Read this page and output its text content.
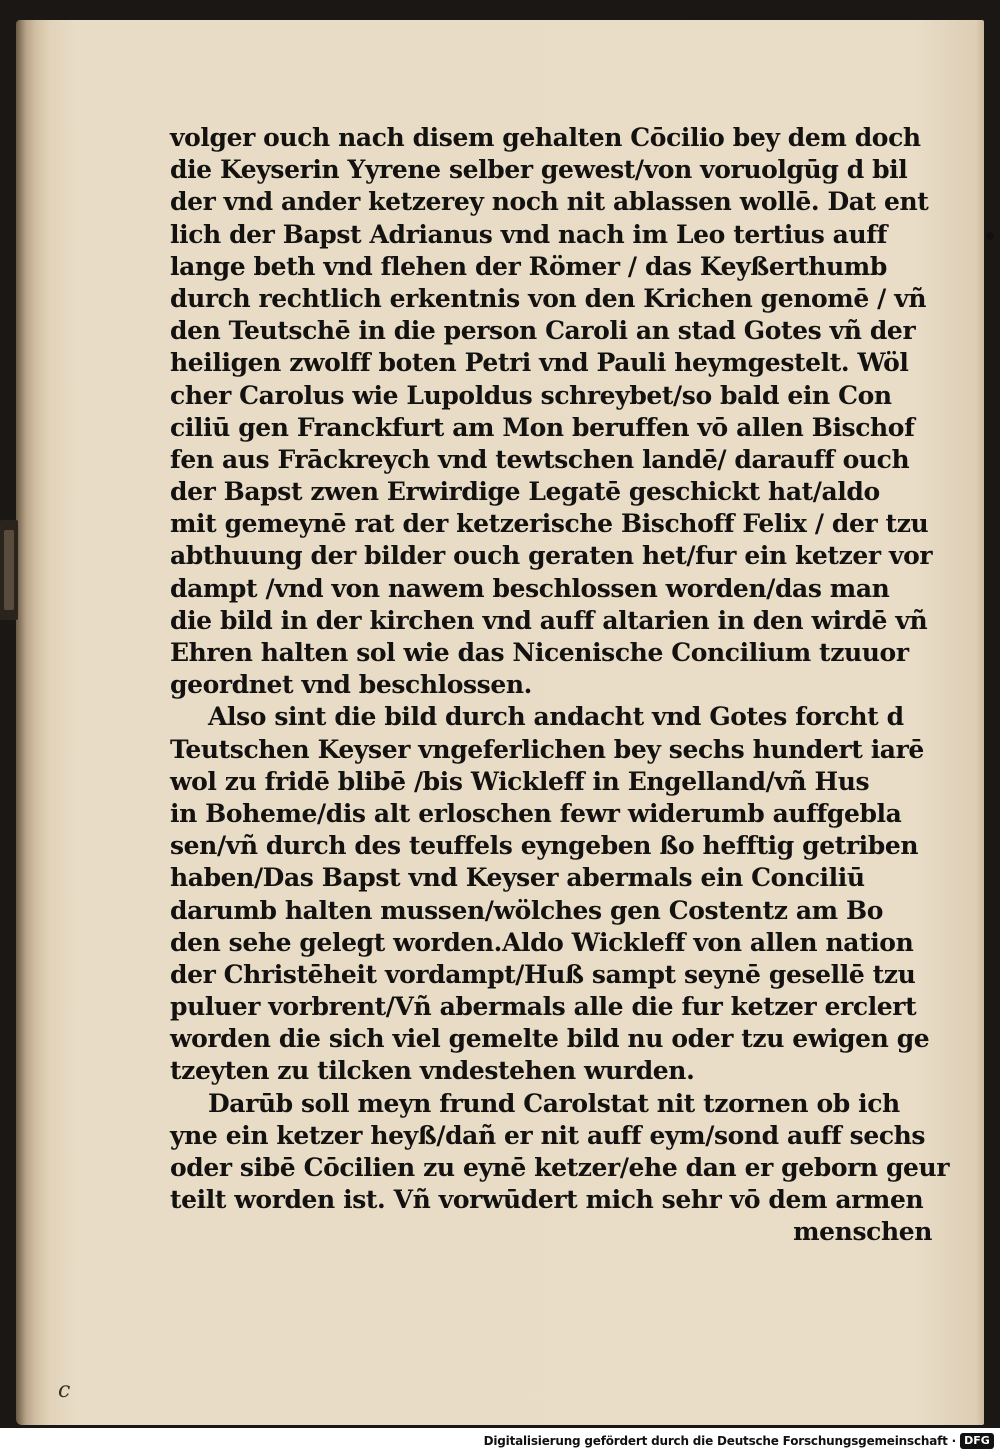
volger ouch nach disem gehalten Cōcilio bey dem doch
die Keyserin Yyrene selber gewest/von voruolgūg d bil
der vnd ander ketzerey noch nit ablassen wollē. Dat ent
lich der Bapst Adrianus vnd nach im Leo tertius auff
lange beth vnd flehen der Römer / das Keyßerthumb
durch rechtlich erkentnis von den Krichen genomē / vñ
den Teutschē in die person Caroli an stad Gotes vñ der
heiligen zwolff boten Petri vnd Pauli heymgestelt. Wöl
cher Carolus wie Lupoldus schreybet/so bald ein Con
ciliū gen Franckfurt am Mon beruffen vō allen Bischof
fen aus Frāckreych vnd tewtschen landē/ darauff ouch
der Bapst zwen Erwirdige Legatē geschickt hat/aldo
mit gemeynē rat der ketzerische Bischoff Felix / der tzu
abthuung der bilder ouch geraten het/fur ein ketzer vor
dampt /vnd von nawem beschlossen worden/das man
die bild in der kirchen vnd auff altarien in den wirdē vñ
Ehren halten sol wie das Nicenische Concilium tzuuor
geordnet vnd beschlossen.
Also sint die bild durch andacht vnd Gotes forcht d
Teutschen Keyser vngeferlichen bey sechs hundert iarē
wol zu fridē blibē /bis Wickleff in Engelland/vñ Hus
in Boheme/dis alt erloschen fewr widerumb auffgebla
sen/vñ durch des teuffels eyngeben ßo hefftig getriben
haben/Das Bapst vnd Keyser abermals ein Conciliū
darumb halten mussen/wölches gen Costentz am Bo
den sehe gelegt worden.Aldo Wickleff von allen nation
der Christēheit vordampt/Huß sampt seynē gesellē tzu
puluer vorbrent/Vñ abermals alle die fur ketzer erclert
worden die sich viel gemelte bild nu oder tzu ewigen ge
tzeyten zu tilcken vndestehen wurden.
Darūb soll meyn frund Carolstat nit tzornen ob ich
yne ein ketzer heyß/dañ er nit auff eym/sond auff sechs
oder sibē Cōcilien zu eynē ketzer/ehe dan er geborn geur
teilt worden ist. Vñ vorwūdert mich sehr vō dem armen
menschen
c
Digitalisierung gefördert durch die Deutsche Forschungsgemeinschaft · DFG
